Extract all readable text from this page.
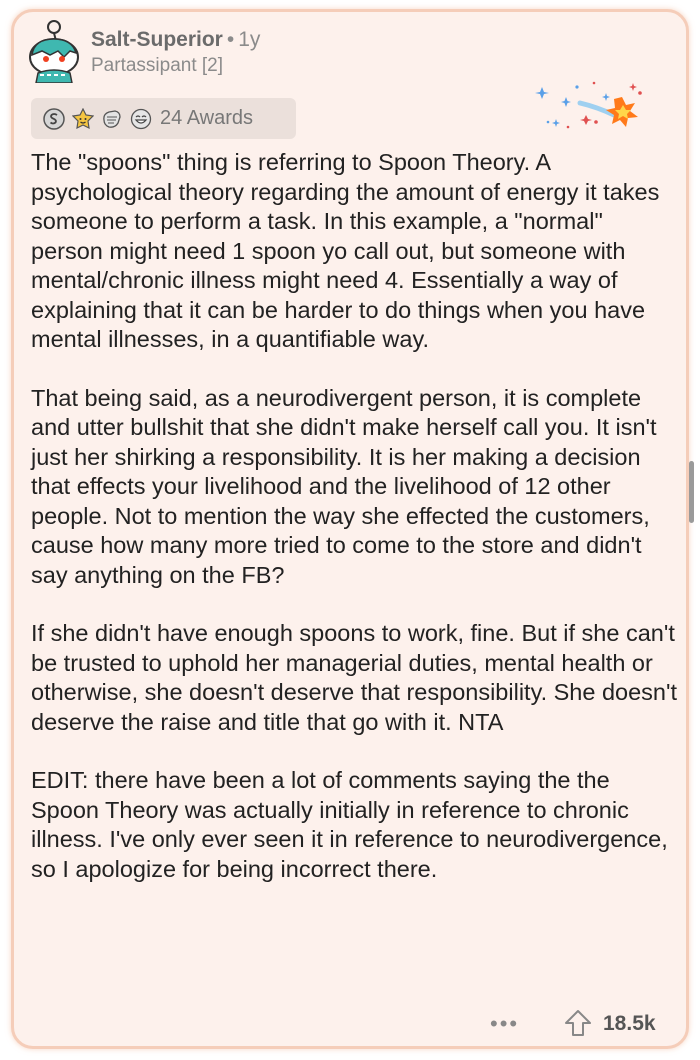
Salt-Superior • 1y
Partassipant [2]
24 Awards

The "spoons" thing is referring to Spoon Theory. A psychological theory regarding the amount of energy it takes someone to perform a task. In this example, a "normal" person might need 1 spoon yo call out, but someone with mental/chronic illness might need 4. Essentially a way of explaining that it can be harder to do things when you have mental illnesses, in a quantifiable way.

That being said, as a neurodivergent person, it is complete and utter bullshit that she didn't make herself call you. It isn't just her shirking a responsibility. It is her making a decision that effects your livelihood and the livelihood of 12 other people. Not to mention the way she effected the customers, cause how many more tried to come to the store and didn't say anything on the FB?

If she didn't have enough spoons to work, fine. But if she can't be trusted to uphold her managerial duties, mental health or otherwise, she doesn't deserve that responsibility. She doesn't deserve the raise and title that go with it. NTA

EDIT: there have been a lot of comments saying the the Spoon Theory was actually initially in reference to chronic illness. I've only ever seen it in reference to neurodivergence, so I apologize for being incorrect there.

•••	18.5k
